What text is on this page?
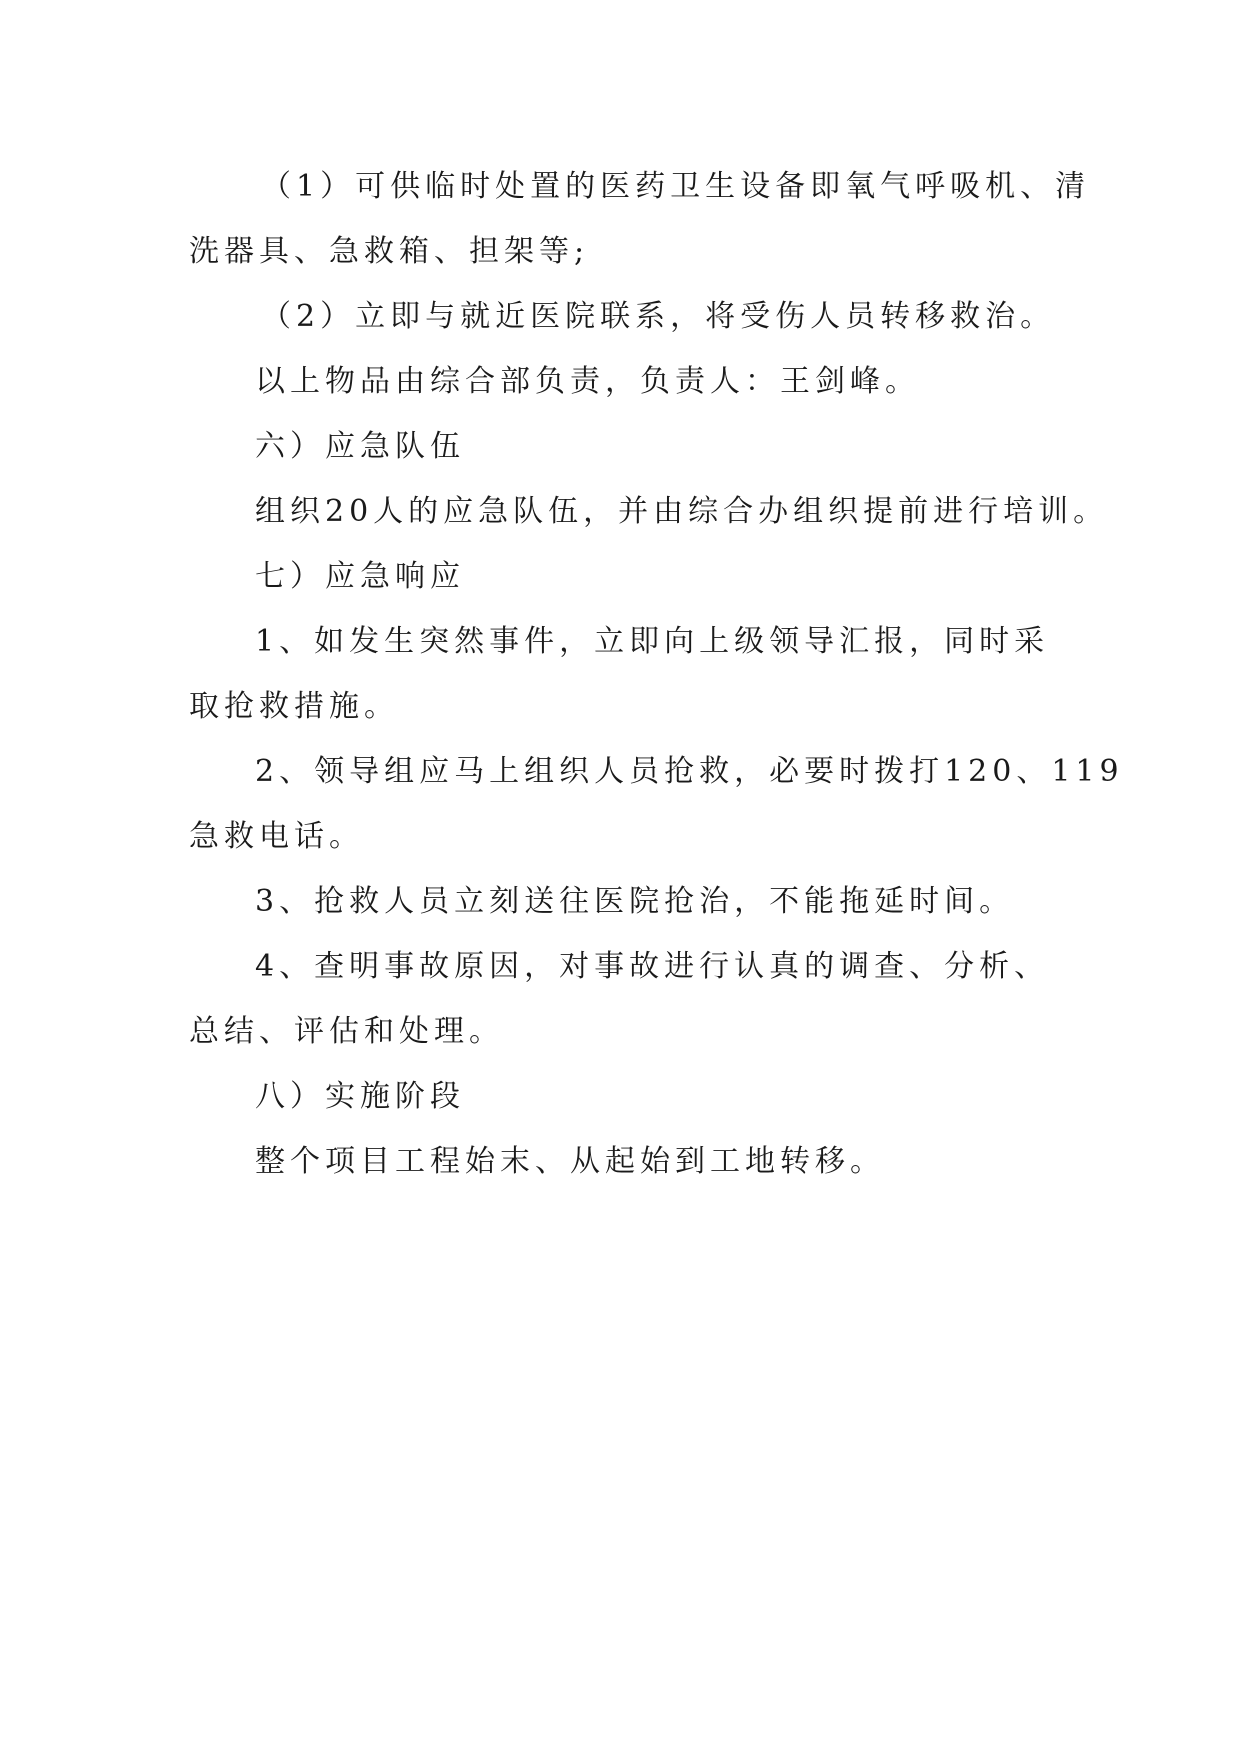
（1）可供临时处置的医药卫生设备即氧气呼吸机、清
洗器具、急救箱、担架等;
（2）立即与就近医院联系，将受伤人员转移救治。
以上物品由综合部负责，负责人：王剑峰。
六）应急队伍
组织20人的应急队伍，并由综合办组织提前进行培训。
七）应急响应
1、如发生突然事件，立即向上级领导汇报，同时采
取抢救措施。
2、领导组应马上组织人员抢救，必要时拨打120、119
急救电话。
3、抢救人员立刻送往医院抢治，不能拖延时间。
4、查明事故原因，对事故进行认真的调查、分析、
总结、评估和处理。
八）实施阶段
整个项目工程始末、从起始到工地转移。
